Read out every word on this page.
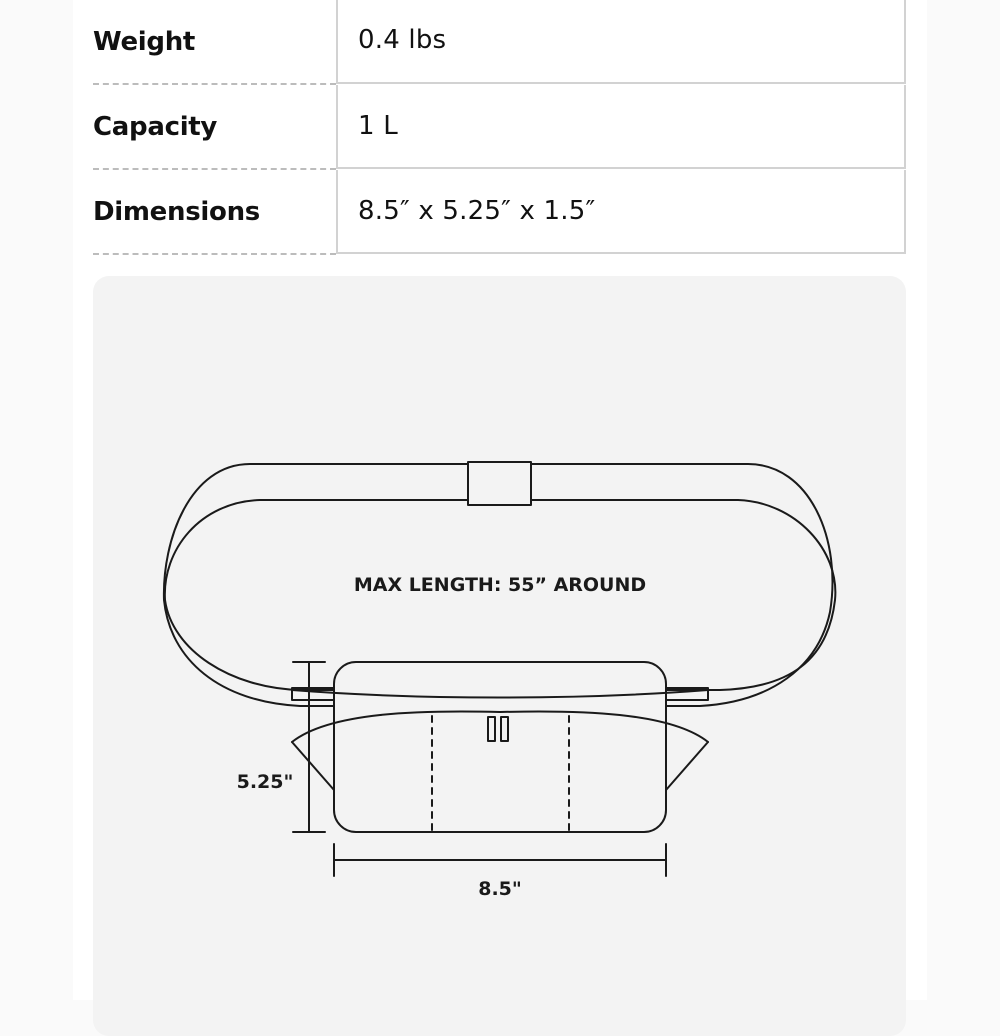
Weight	0.4 lbs
Capacity	1 L
Dimensions	8.5″ x 5.25″ x 1.5″
MAX LENGTH: 55” AROUND
5.25"
8.5"
